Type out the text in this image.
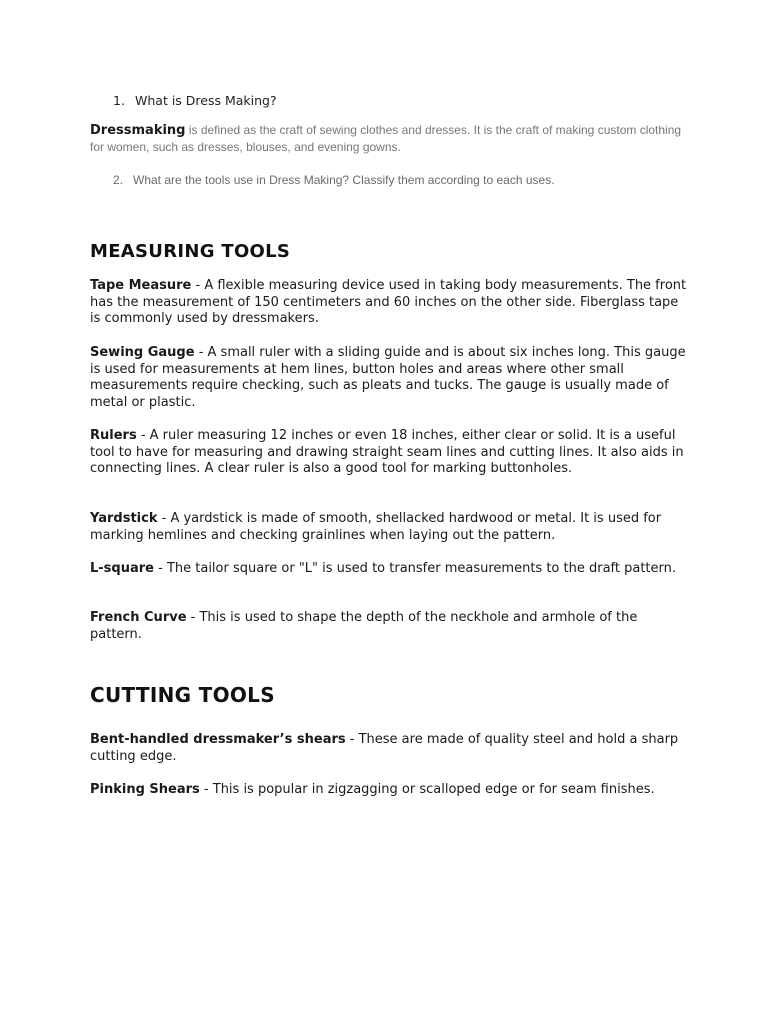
1. What is Dress Making?
Dressmaking is defined as the craft of sewing clothes and dresses. It is the craft of making custom clothing for women, such as dresses, blouses, and evening gowns.
2. What are the tools use in Dress Making? Classify them according to each uses.
MEASURING TOOLS
Tape Measure - A flexible measuring device used in taking body measurements. The front has the measurement of 150 centimeters and 60 inches on the other side. Fiberglass tape is commonly used by dressmakers.
Sewing Gauge - A small ruler with a sliding guide and is about six inches long. This gauge is used for measurements at hem lines, button holes and areas where other small measurements require checking, such as pleats and tucks. The gauge is usually made of metal or plastic.
Rulers - A ruler measuring 12 inches or even 18 inches, either clear or solid. It is a useful tool to have for measuring and drawing straight seam lines and cutting lines. It also aids in connecting lines. A clear ruler is also a good tool for marking buttonholes.
Yardstick - A yardstick is made of smooth, shellacked hardwood or metal. It is used for marking hemlines and checking grainlines when laying out the pattern.
L-square - The tailor square or "L" is used to transfer measurements to the draft pattern.
French Curve - This is used to shape the depth of the neckhole and armhole of the pattern.
CUTTING TOOLS
Bent-handled dressmaker’s shears - These are made of quality steel and hold a sharp cutting edge.
Pinking Shears - This is popular in zigzagging or scalloped edge or for seam finishes.
